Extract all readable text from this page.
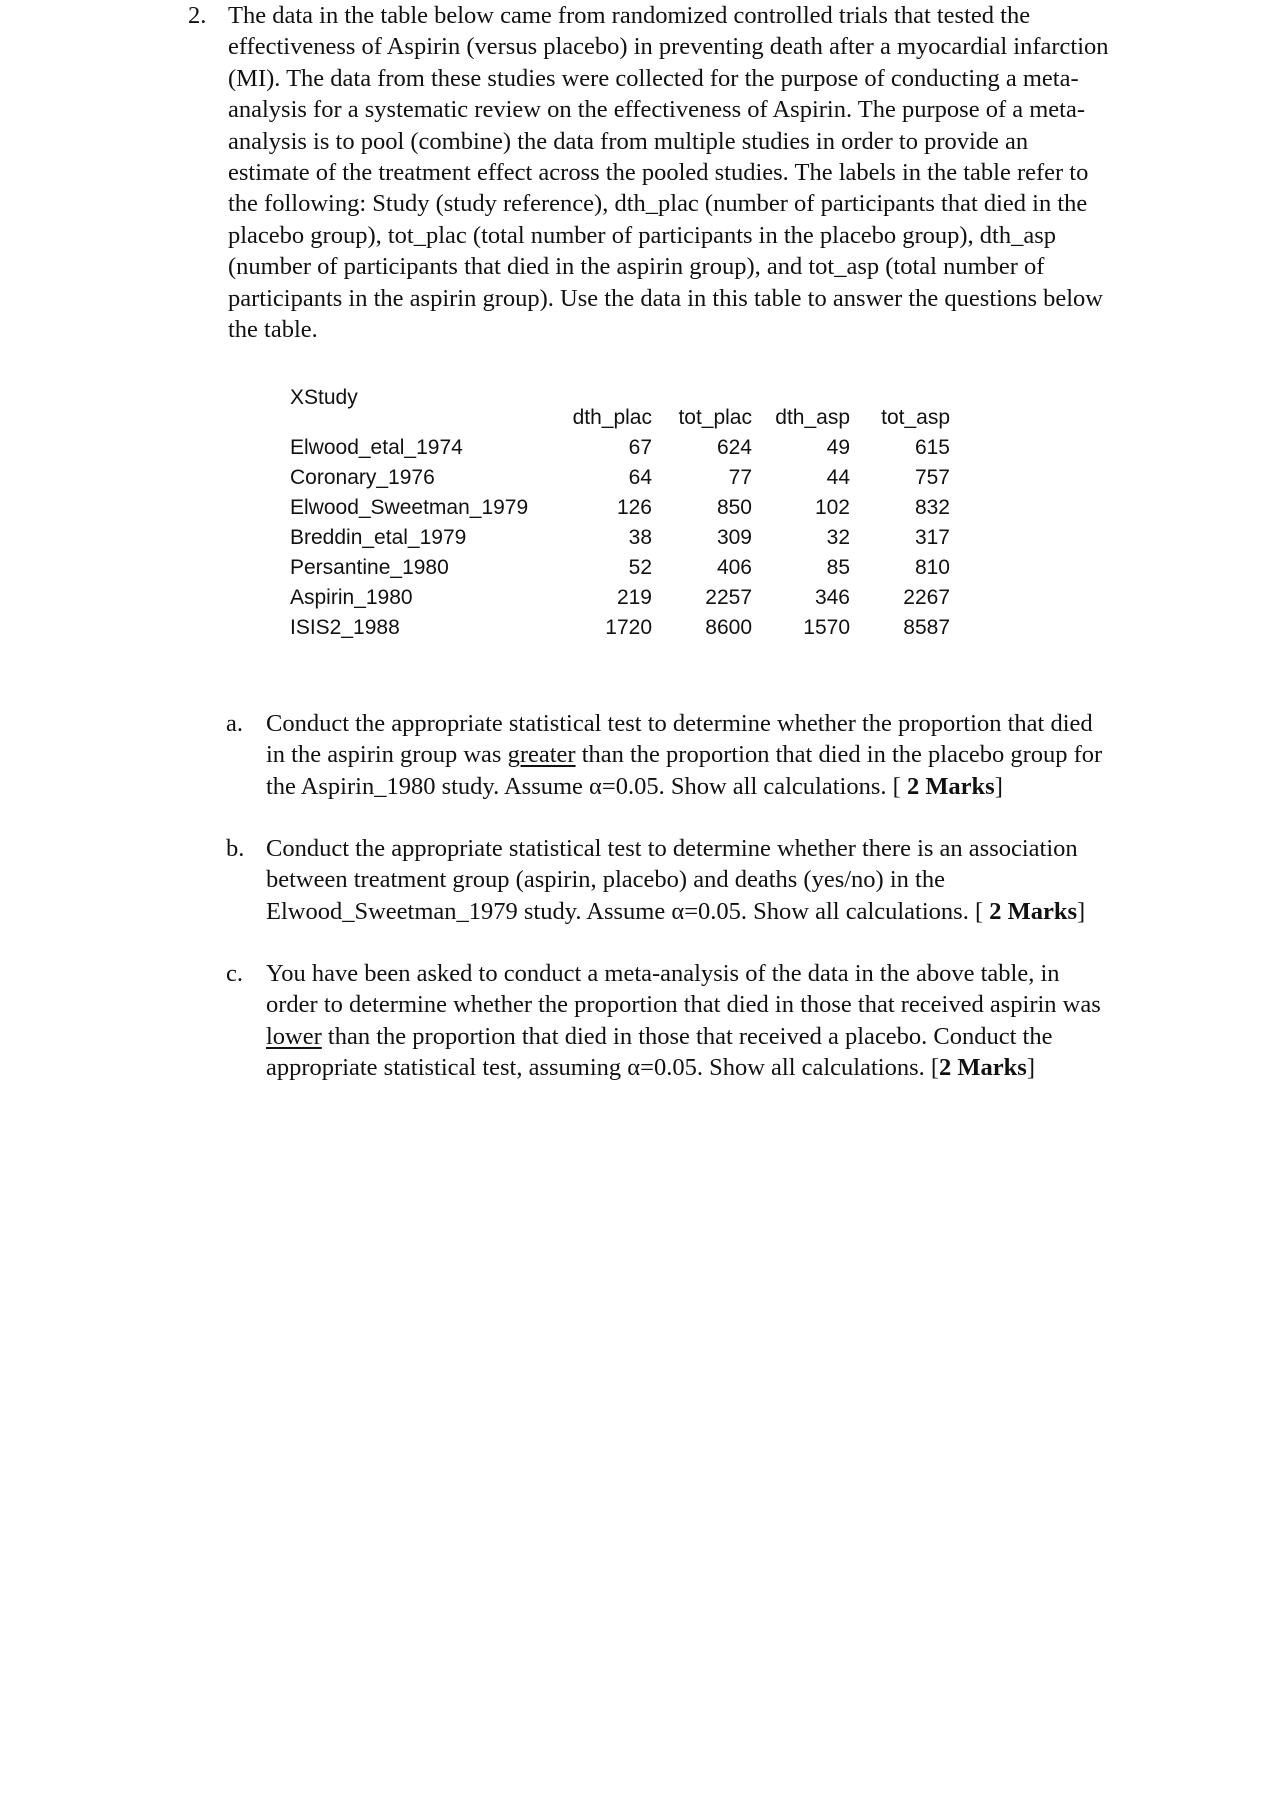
2. The data in the table below came from randomized controlled trials that tested the
effectiveness of Aspirin (versus placebo) in preventing death after a myocardial infarction
(MI). The data from these studies were collected for the purpose of conducting a meta-
analysis for a systematic review on the effectiveness of Aspirin. The purpose of a meta-
analysis is to pool (combine) the data from multiple studies in order to provide an
estimate of the treatment effect across the pooled studies. The labels in the table refer to
the following: Study (study reference), dth_plac (number of participants that died in the
placebo group), tot_plac (total number of participants in the placebo group), dth_asp
(number of participants that died in the aspirin group), and tot_asp (total number of
participants in the aspirin group). Use the data in this table to answer the questions below
the table.
XStudy
dth_plac	tot_plac	dth_asp	tot_asp
Elwood_etal_1974	67	624	49	615
Coronary_1976	64	77	44	757
Elwood_Sweetman_1979	126	850	102	832
Breddin_etal_1979	38	309	32	317
Persantine_1980	52	406	85	810
Aspirin_1980	219	2257	346	2267
ISIS2_1988	1720	8600	1570	8587
a. Conduct the appropriate statistical test to determine whether the proportion that died
in the aspirin group was greater than the proportion that died in the placebo group for
the Aspirin_1980 study. Assume α=0.05. Show all calculations. [ 2 Marks]
b. Conduct the appropriate statistical test to determine whether there is an association
between treatment group (aspirin, placebo) and deaths (yes/no) in the
Elwood_Sweetman_1979 study. Assume α=0.05. Show all calculations. [ 2 Marks]
c. You have been asked to conduct a meta-analysis of the data in the above table, in
order to determine whether the proportion that died in those that received aspirin was
lower than the proportion that died in those that received a placebo. Conduct the
appropriate statistical test, assuming α=0.05. Show all calculations. [2 Marks]
